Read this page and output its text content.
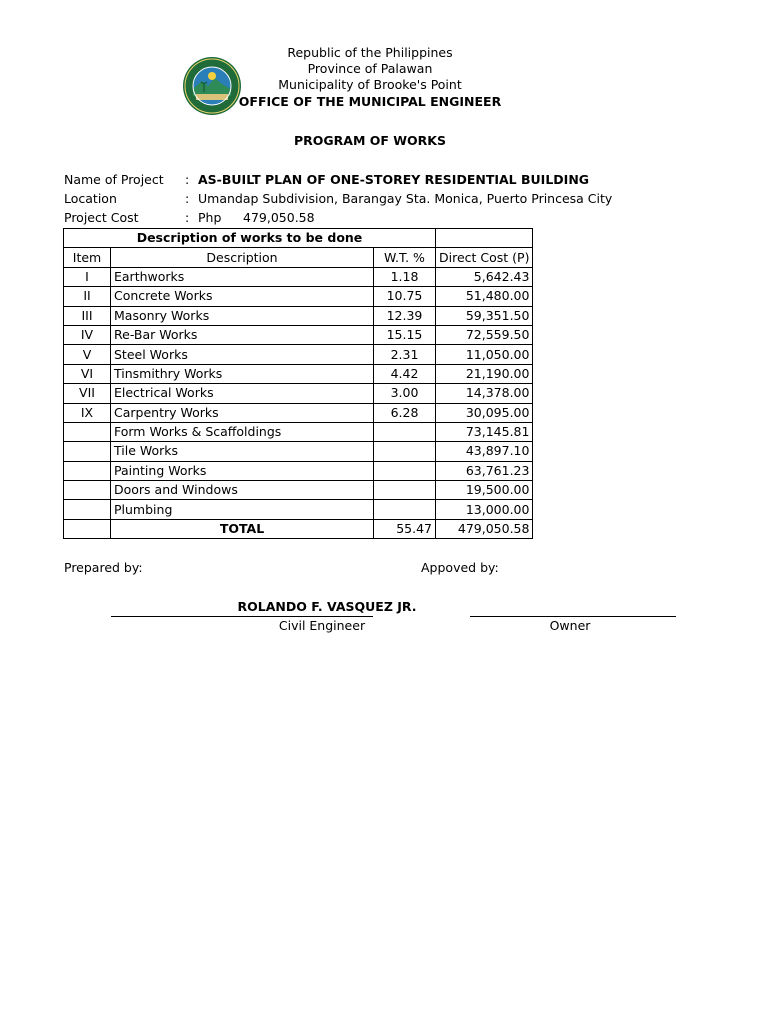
Republic of the Philippines
Province of Palawan
Municipality of Brooke's Point
OFFICE OF THE MUNICIPAL ENGINEER
PROGRAM OF WORKS
Name of Project : AS-BUILT PLAN OF ONE-STOREY RESIDENTIAL BUILDING
Location	: Umandap Subdivision, Barangay Sta. Monica, Puerto Princesa City
Project Cost	: Php 479,050.58
Description of works to be done			
Item	Description	W.T. %	Direct Cost (P)
I	Earthworks	1.18	5,642.43
II	Concrete Works	10.75	51,480.00
III	Masonry Works	12.39	59,351.50
IV	Re-Bar Works	15.15	72,559.50
V	Steel Works	2.31	11,050.00
VI	Tinsmithry Works	4.42	21,190.00
VII	Electrical Works	3.00	14,378.00
IX	Carpentry Works	6.28	30,095.00
	Form Works & Scaffoldings		73,145.81
	Tile Works		43,897.10
	Painting Works		63,761.23
	Doors and Windows		19,500.00
	Plumbing		13,000.00
	TOTAL	55.47	479,050.58
Prepared by:	Appoved by:
ROLANDO F. VASQUEZ JR.
Civil Engineer	Owner
